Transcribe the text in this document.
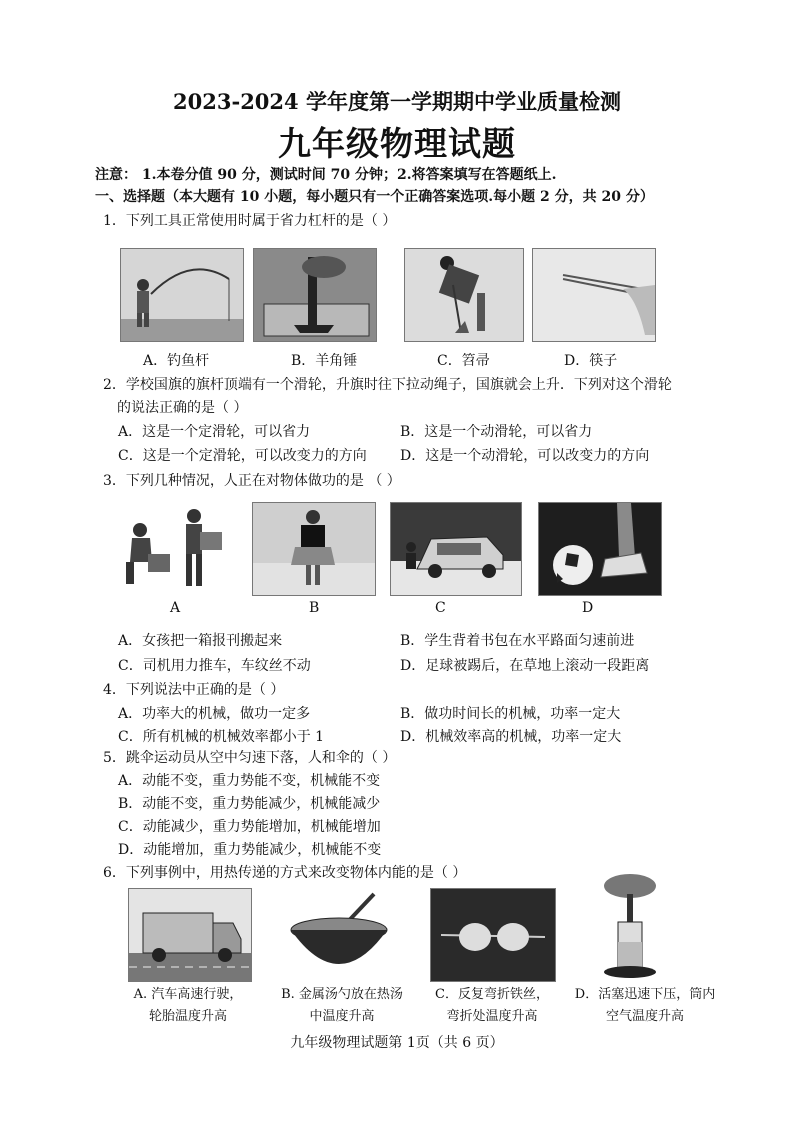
2023-2024 学年度第一学期期中学业质量检测
九年级物理试题
注意： 1.本卷分值 90 分，测试时间 70 分钟；2.将答案填写在答题纸上.
一、选择题（本大题有 10 小题，每小题只有一个正确答案选项.每小题 2 分，共 20 分）
1．下列工具正常使用时属于省力杠杆的是（ ）
A．钓鱼杆	B．羊角锤	C．笤帚	D．筷子
2．学校国旗的旗杆顶端有一个滑轮，升旗时往下拉动绳子，国旗就会上升．下列对这个滑轮
的说法正确的是（ ）
A．这是一个定滑轮，可以省力	B．这是一个动滑轮，可以省力
C．这是一个定滑轮，可以改变力的方向 D．这是一个动滑轮，可以改变力的方向
3．下列几种情况，人正在对物体做功的是 （ ）
A	B	C	D
A．女孩把一箱报刊搬起来	B．学生背着书包在水平路面匀速前进
C．司机用力推车，车纹丝不动	D．足球被踢后，在草地上滚动一段距离
4．下列说法中正确的是（ ）
A．功率大的机械，做功一定多	B．做功时间长的机械，功率一定大
C．所有机械的机械效率都小于 1	D．机械效率高的机械，功率一定大
5．跳伞运动员从空中匀速下落，人和伞的（ ）
A．动能不变，重力势能不变，机械能不变
B．动能不变，重力势能减少，机械能减少
C．动能减少，重力势能增加，机械能增加
D．动能增加，重力势能减少，机械能不变
6．下列事例中，用热传递的方式来改变物体内能的是（ ）
A. 汽车高速行驶，
轮胎温度升高
B. 金属汤勺放在热汤
中温度升高
C．反复弯折铁丝，
弯折处温度升高
D．活塞迅速下压，筒内
空气温度升高
九年级物理试题第 1页（共 6 页）
